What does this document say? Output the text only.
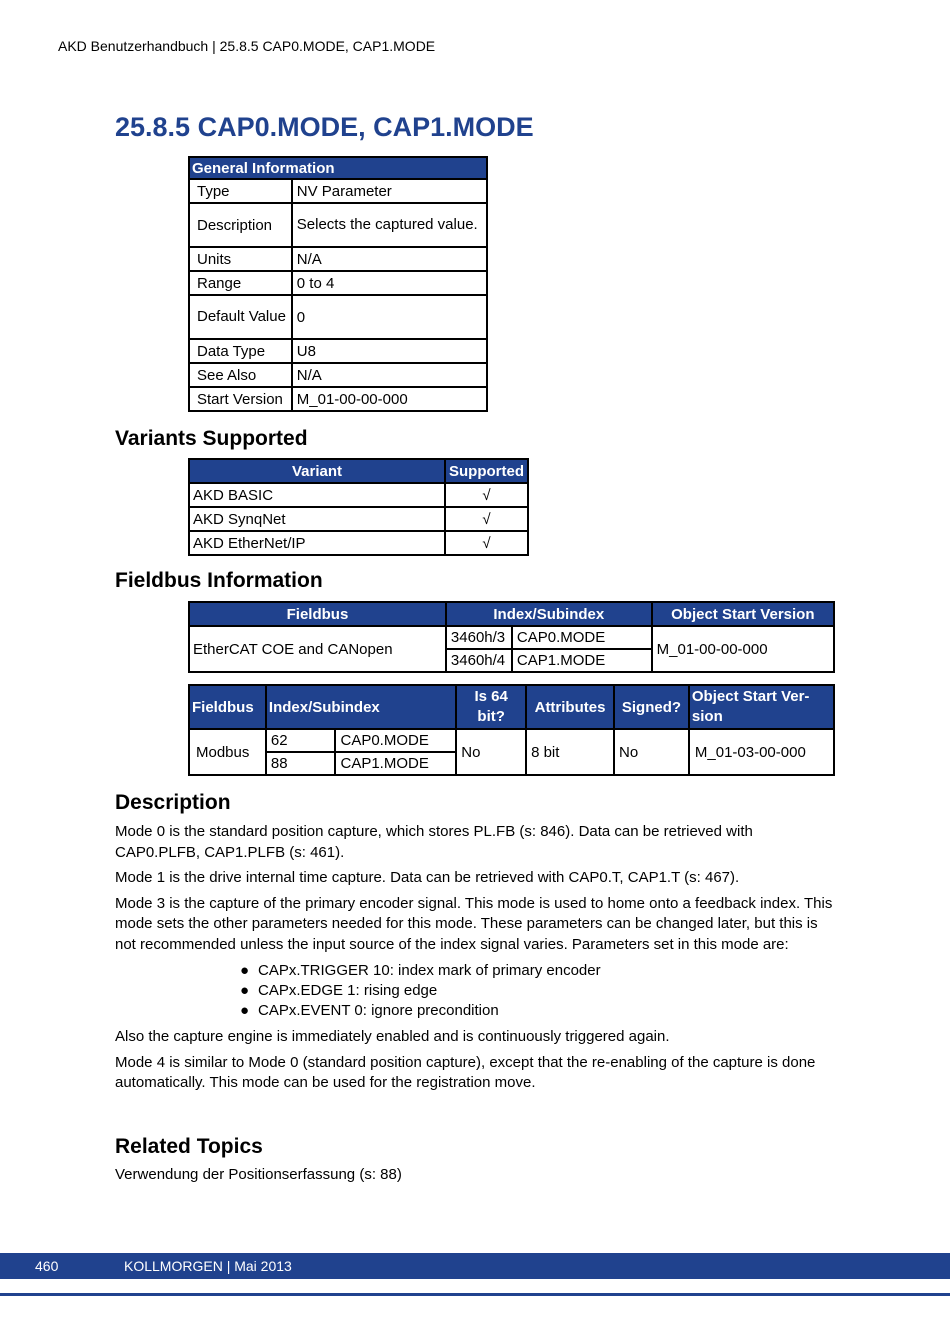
AKD Benutzerhandbuch | 25.8.5 CAP0.MODE, CAP1.MODE
25.8.5 CAP0.MODE, CAP1.MODE
General Information	
Type	NV Parameter
Description	Selects the captured value.
Units	N/A
Range	0 to 4
Default Value	0
Data Type	U8
See Also	N/A
Start Version	M_01-00-00-000
Variants Supported
Variant	Supported
AKD BASIC	√
AKD SynqNet	√
AKD EtherNet/IP	√
Fieldbus Information
Fieldbus	Index/Subindex		Object Start Version
EtherCAT COE and CANopen	3460h/3	CAP0.MODE	M_01-00-00-000
	3460h/4	CAP1.MODE	
Fieldbus	Index/Subindex		Is 64 bit?	Attributes	Signed?	Object Start Ver-sion
Modbus	62	CAP0.MODE	No	8 bit	No	M_01-03-00-000
	88	CAP1.MODE				
Description

Mode 0 is the standard position capture, which stores PL.FB (s: 846). Data can be retrieved with CAP0.PLFB, CAP1.PLFB (s: 461).

Mode 1 is the drive internal time capture. Data can be retrieved with CAP0.T, CAP1.T (s: 467).

Mode 3 is the capture of the primary encoder signal. This mode is used to home onto a feedback index. This mode sets the other parameters needed for this mode. These parameters can be changed later, but this is not recommended unless the input source of the index signal varies. Parameters set in this mode are:

● CAPx.TRIGGER 10: index mark of primary encoder
● CAPx.EDGE 1: rising edge
● CAPx.EVENT 0: ignore precondition

Also the capture engine is immediately enabled and is continuously triggered again.

Mode 4 is similar to Mode 0 (standard position capture), except that the re-enabling of the capture is done automatically. This mode can be used for the registration move.

Related Topics
Verwendung der Positionserfassung (s: 88)
460	KOLLMORGEN | Mai 2013
